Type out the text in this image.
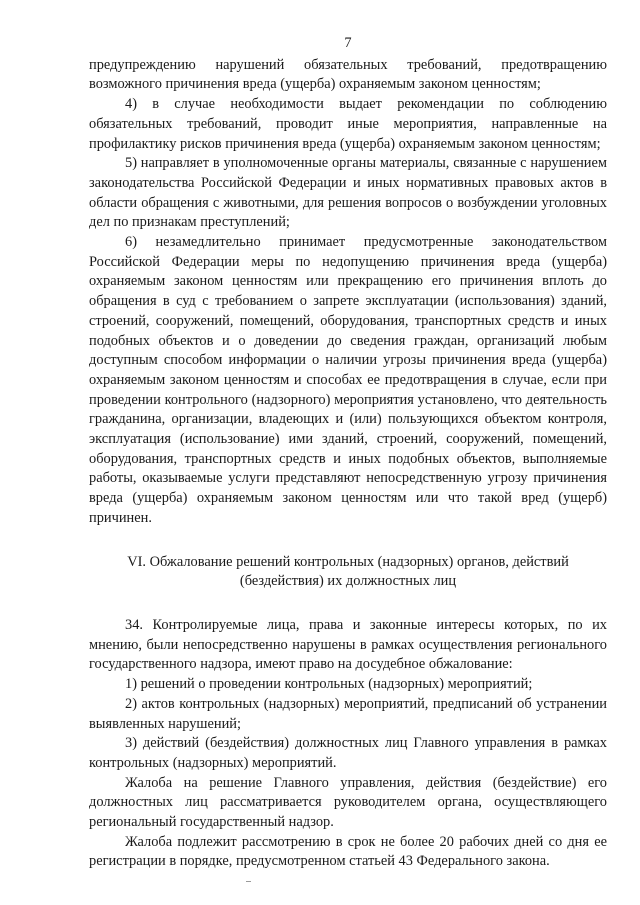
7

предупреждению нарушений обязательных требований, предотвращению возможного причинения вреда (ущерба) охраняемым законом ценностям;

4) в случае необходимости выдает рекомендации по соблюдению обязательных требований, проводит иные мероприятия, направленные на профилактику рисков причинения вреда (ущерба) охраняемым законом ценностям;

5) направляет в уполномоченные органы материалы, связанные с нарушением законодательства Российской Федерации и иных нормативных правовых актов в области обращения с животными, для решения вопросов о возбуждении уголовных дел по признакам преступлений;

6) незамедлительно принимает предусмотренные законодательством Российской Федерации меры по недопущению причинения вреда (ущерба) охраняемым законом ценностям или прекращению его причинения вплоть до обращения в суд с требованием о запрете эксплуатации (использования) зданий, строений, сооружений, помещений, оборудования, транспортных средств и иных подобных объектов и о доведении до сведения граждан, организаций любым доступным способом информации о наличии угрозы причинения вреда (ущерба) охраняемым законом ценностям и способах ее предотвращения в случае, если при проведении контрольного (надзорного) мероприятия установлено, что деятельность гражданина, организации, владеющих и (или) пользующихся объектом контроля, эксплуатация (использование) ими зданий, строений, сооружений, помещений, оборудования, транспортных средств и иных подобных объектов, выполняемые работы, оказываемые услуги представляют непосредственную угрозу причинения вреда (ущерба) охраняемым законом ценностям или что такой вред (ущерб) причинен.

VI. Обжалование решений контрольных (надзорных) органов, действий
(бездействия) их должностных лиц

34. Контролируемые лица, права и законные интересы которых, по их мнению, были непосредственно нарушены в рамках осуществления регионального государственного надзора, имеют право на досудебное обжалование:

1) решений о проведении контрольных (надзорных) мероприятий;

2) актов контрольных (надзорных) мероприятий, предписаний об устранении выявленных нарушений;

3) действий (бездействия) должностных лиц Главного управления в рамках контрольных (надзорных) мероприятий.

Жалоба на решение Главного управления, действия (бездействие) его должностных лиц рассматривается руководителем органа, осуществляющего региональный государственный надзор.

Жалоба подлежит рассмотрению в срок не более 20 рабочих дней со дня ее регистрации в порядке, предусмотренном статьей 43 Федерального закона.
